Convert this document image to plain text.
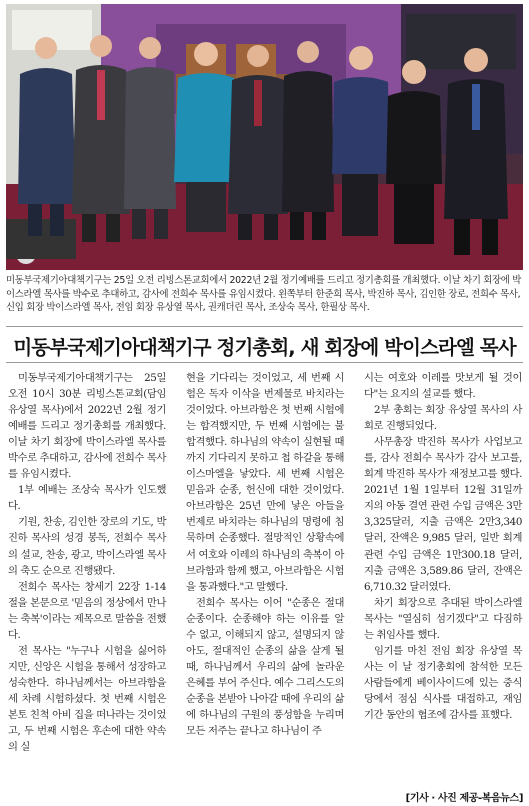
미동부국제기아대책기구는 25일 오전 리빙스톤교회에서 2022년 2월 정기예배를 드리고 정기총회를 개최했다. 이날 차기 회장에 박이스라엘 목사를 박수로 추대하고, 감사에 전희수 목사를 유임시켰다. 왼쪽부터 한준희 목사, 박진하 목사, 김인한 장로, 전희수 목사, 신입 회장 박이스라엘 목사, 전임 회장 유상열 목사, 권캐더린 목사, 조상숙 목사, 한필상 목사.
미동부국제기아대책기구 정기총회, 새 회장에 박이스라엘 목사

미동부국제기아대책기구는 25일 오전 10시 30분 리빙스톤교회(담임 유상열 목사)에서 2022년 2월 정기예배를 드리고 정기총회를 개최했다. 이날 차기 회장에 박이스라엘 목사를 박수로 추대하고, 감사에 전희수 목사를 유임시켰다.

1부 예배는 조상숙 목사가 인도했다.

기원, 찬송, 김인한 장로의 기도, 박진하 목사의 성경 봉독, 전희수 목사의 설교, 찬송, 광고, 박이스라엘 목사의 축도 순으로 진행됐다.

전희수 목사는 창세기 22장 1-14절을 본문으로 '믿음의 정상에서 만나는 축복'이라는 제목으로 말씀을 전했다.

전 목사는 "누구나 시험을 싫어하지만, 신앙은 시험을 통해서 성장하고 성숙한다. 하나님께서는 아브라함을 세 차례 시험하셨다. 첫 번째 시험은 본토 친척 아비 집을 떠나라는 것이었고, 두 번째 시험은 후손에 대한 약속의 실

현을 기다리는 것이었고, 세 번째 시험은 독자 이삭을 번제물로 바치라는 것이었다. 아브라함은 첫 번째 시험에는 합격했지만, 두 번째 시험에는 불합격했다. 하나님의 약속이 실현될 때까지 기다리지 못하고 첩 하갈을 통해 이스마엘을 낳았다. 세 번째 시험은 믿음과 순종, 헌신에 대한 것이었다. 아브라함은 25년 만에 낳은 아들을 번제로 바치라는 하나님의 명령에 침묵하며 순종했다. 절망적인 상황속에서 여호와 이레의 하나님의 축복이 아브라함과 함께 했고, 아브라함은 시험을 통과했다."고 말했다.

전희수 목사는 이어 "순종은 절대 순종이다. 순종해야 하는 이유를 알 수 없고, 이해되지 않고, 설명되지 않아도, 절대적인 순종의 삶을 살게 될 때, 하나님께서 우리의 삶에 놀라운 은혜를 부어 주신다. 예수 그리스도의 순종을 본받아 나아갈 때에 우리의 삶에 하나님의 구원의 풍성함을 누리며 모든 저주는 끝나고 하나님이 주

시는 여호와 이레를 맛보게 될 것이다"는 요지의 설교를 했다.

2부 총회는 회장 유상열 목사의 사회로 진행되었다.

사무총장 박진하 목사가 사업보고를, 감사 전희수 목사가 감사 보고를, 회계 박진하 목사가 재정보고를 했다. 2021년 1월 1일부터 12월 31일까지의 아동 결연 관련 수입 금액은 3만3,325달러, 지출 금액은 2만3,340 달러, 잔액은 9,985 달러, 일반 회계 관련 수입 금액은 1만300.18 달러, 지출 금액은 3,589.86 달러, 잔액은 6,710.32 달러였다.

차기 회장으로 추대된 박이스라엘 목사는 "열심히 섬기겠다"고 다짐하는 취임사를 했다.

임기를 마친 전임 회장 유상열 목사는 이 날 정기총회에 참석한 모든 사람들에게 베이사이드에 있는 중식당에서 점심 식사를 대접하고, 재임 기간 동안의 협조에 감사를 표했다.

[기사 · 사진 제공-복음뉴스]
